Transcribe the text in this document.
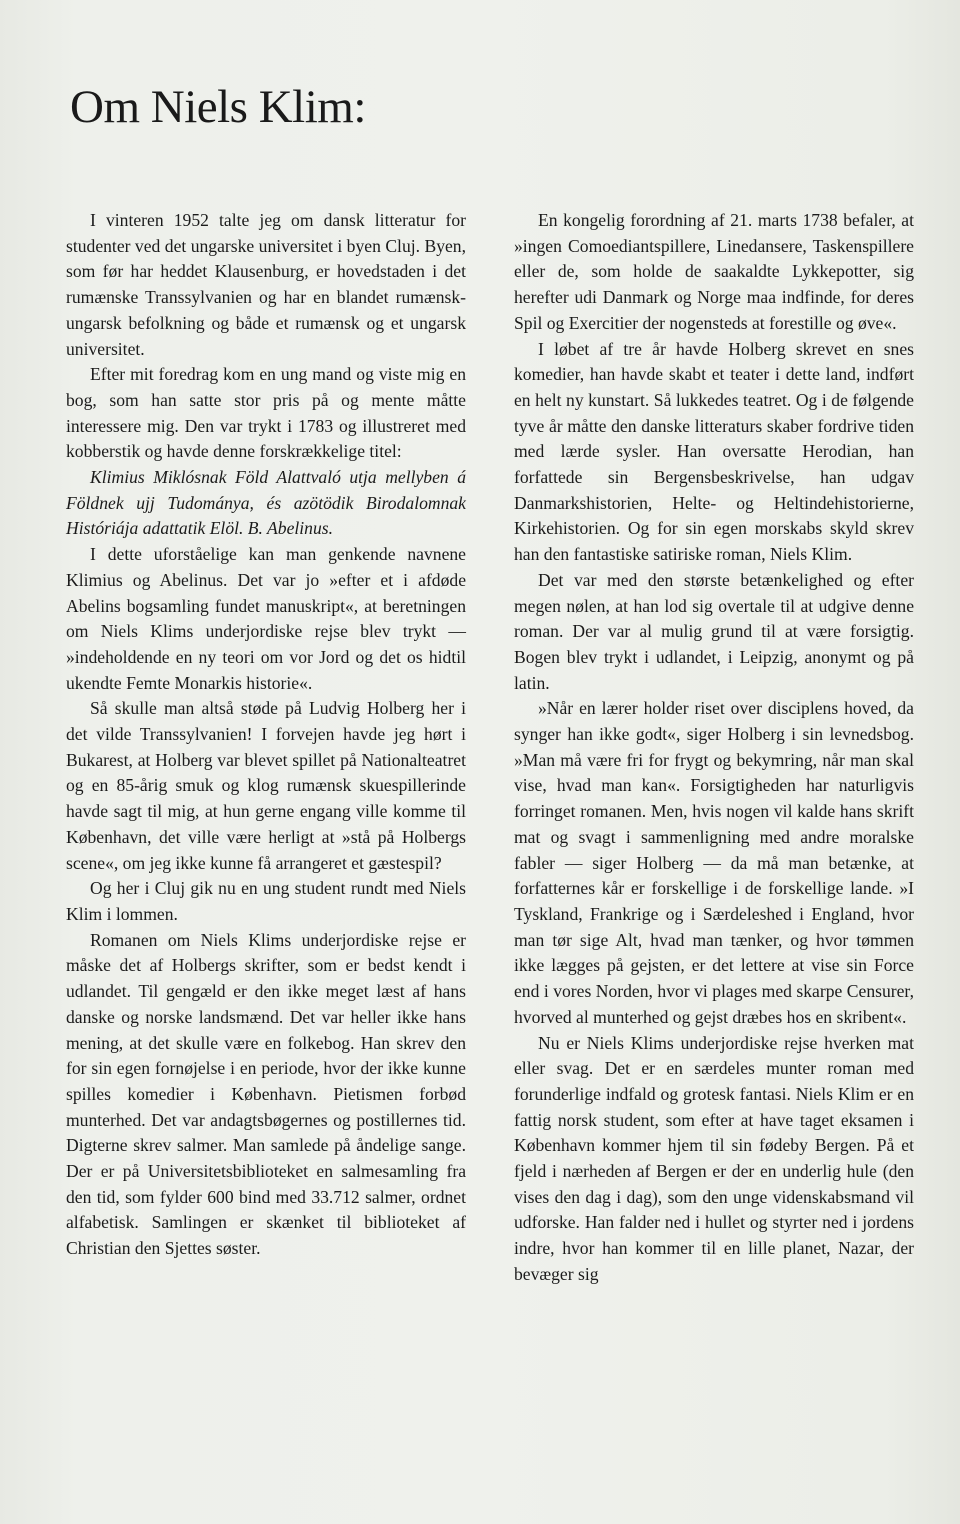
Om Niels Klim:

I vinteren 1952 talte jeg om dansk litteratur for studenter ved det ungarske universitet i byen Cluj. Byen, som før har heddet Klausenburg, er hovedstaden i det rumænske Transsylvanien og har en blandet rumænsk-ungarsk befolkning og både et rumænsk og et ungarsk universitet.

Efter mit foredrag kom en ung mand og viste mig en bog, som han satte stor pris på og mente måtte interessere mig. Den var trykt i 1783 og illustreret med kobberstik og havde denne forskrækkelige titel:

Klimius Miklósnak Föld Alattvaló utja mellyben á Földnek ujj Tudománya, és azötödik Birodalomnak Históriája adattatik Elöl. B. Abelinus.

I dette uforståelige kan man genkende navnene Klimius og Abelinus. Det var jo »efter et i afdøde Abelins bogsamling fundet manuskript«, at beretningen om Niels Klims underjordiske rejse blev trykt — »indeholdende en ny teori om vor Jord og det os hidtil ukendte Femte Monarkis historie«.

Så skulle man altså støde på Ludvig Holberg her i det vilde Transsylvanien! I forvejen havde jeg hørt i Bukarest, at Holberg var blevet spillet på Nationalteatret og en 85-årig smuk og klog rumænsk skuespillerinde havde sagt til mig, at hun gerne engang ville komme til København, det ville være herligt at »stå på Holbergs scene«, om jeg ikke kunne få arrangeret et gæstespil?

Og her i Cluj gik nu en ung student rundt med Niels Klim i lommen.

Romanen om Niels Klims underjordiske rejse er måske det af Holbergs skrifter, som er bedst kendt i udlandet. Til gengæld er den ikke meget læst af hans danske og norske landsmænd. Det var heller ikke hans mening, at det skulle være en folkebog. Han skrev den for sin egen fornøjelse i en periode, hvor der ikke kunne spilles komedier i København. Pietismen forbød munterhed. Det var andagtsbøgernes og postillernes tid. Digterne skrev salmer. Man samlede på åndelige sange. Der er på Universitetsbiblioteket en salmesamling fra den tid, som fylder 600 bind med 33.712 salmer, ordnet alfabetisk. Samlingen er skænket til biblioteket af Christian den Sjettes søster.

En kongelig forordning af 21. marts 1738 befaler, at »ingen Comoediantspillere, Linedansere, Taskenspillere eller de, som holde de saakaldte Lykkepotter, sig herefter udi Danmark og Norge maa indfinde, for deres Spil og Exercitier der nogensteds at forestille og øve«.

I løbet af tre år havde Holberg skrevet en snes komedier, han havde skabt et teater i dette land, indført en helt ny kunstart. Så lukkedes teatret. Og i de følgende tyve år måtte den danske litteraturs skaber fordrive tiden med lærde sysler. Han oversatte Herodian, han forfattede sin Bergensbeskrivelse, han udgav Danmarkshistorien, Helte- og Heltindehistorierne, Kirkehistorien. Og for sin egen morskabs skyld skrev han den fantastiske satiriske roman, Niels Klim.

Det var med den største betænkelighed og efter megen nølen, at han lod sig overtale til at udgive denne roman. Der var al mulig grund til at være forsigtig. Bogen blev trykt i udlandet, i Leipzig, anonymt og på latin.

»Når en lærer holder riset over disciplens hoved, da synger han ikke godt«, siger Holberg i sin levnedsbog. »Man må være fri for frygt og bekymring, når man skal vise, hvad man kan«. Forsigtigheden har naturligvis forringet romanen. Men, hvis nogen vil kalde hans skrift mat og svagt i sammenligning med andre moralske fabler — siger Holberg — da må man betænke, at forfatternes kår er forskellige i de forskellige lande. »I Tyskland, Frankrige og i Særdeleshed i England, hvor man tør sige Alt, hvad man tænker, og hvor tømmen ikke lægges på gejsten, er det lettere at vise sin Force end i vores Norden, hvor vi plages med skarpe Censurer, hvorved al munterhed og gejst dræbes hos en skribent«.

Nu er Niels Klims underjordiske rejse hverken mat eller svag. Det er en særdeles munter roman med forunderlige indfald og grotesk fantasi. Niels Klim er en fattig norsk student, som efter at have taget eksamen i København kommer hjem til sin fødeby Bergen. På et fjeld i nærheden af Bergen er der en underlig hule (den vises den dag i dag), som den unge videnskabsmand vil udforske. Han falder ned i hullet og styrter ned i jordens indre, hvor han kommer til en lille planet, Nazar, der bevæger sig
